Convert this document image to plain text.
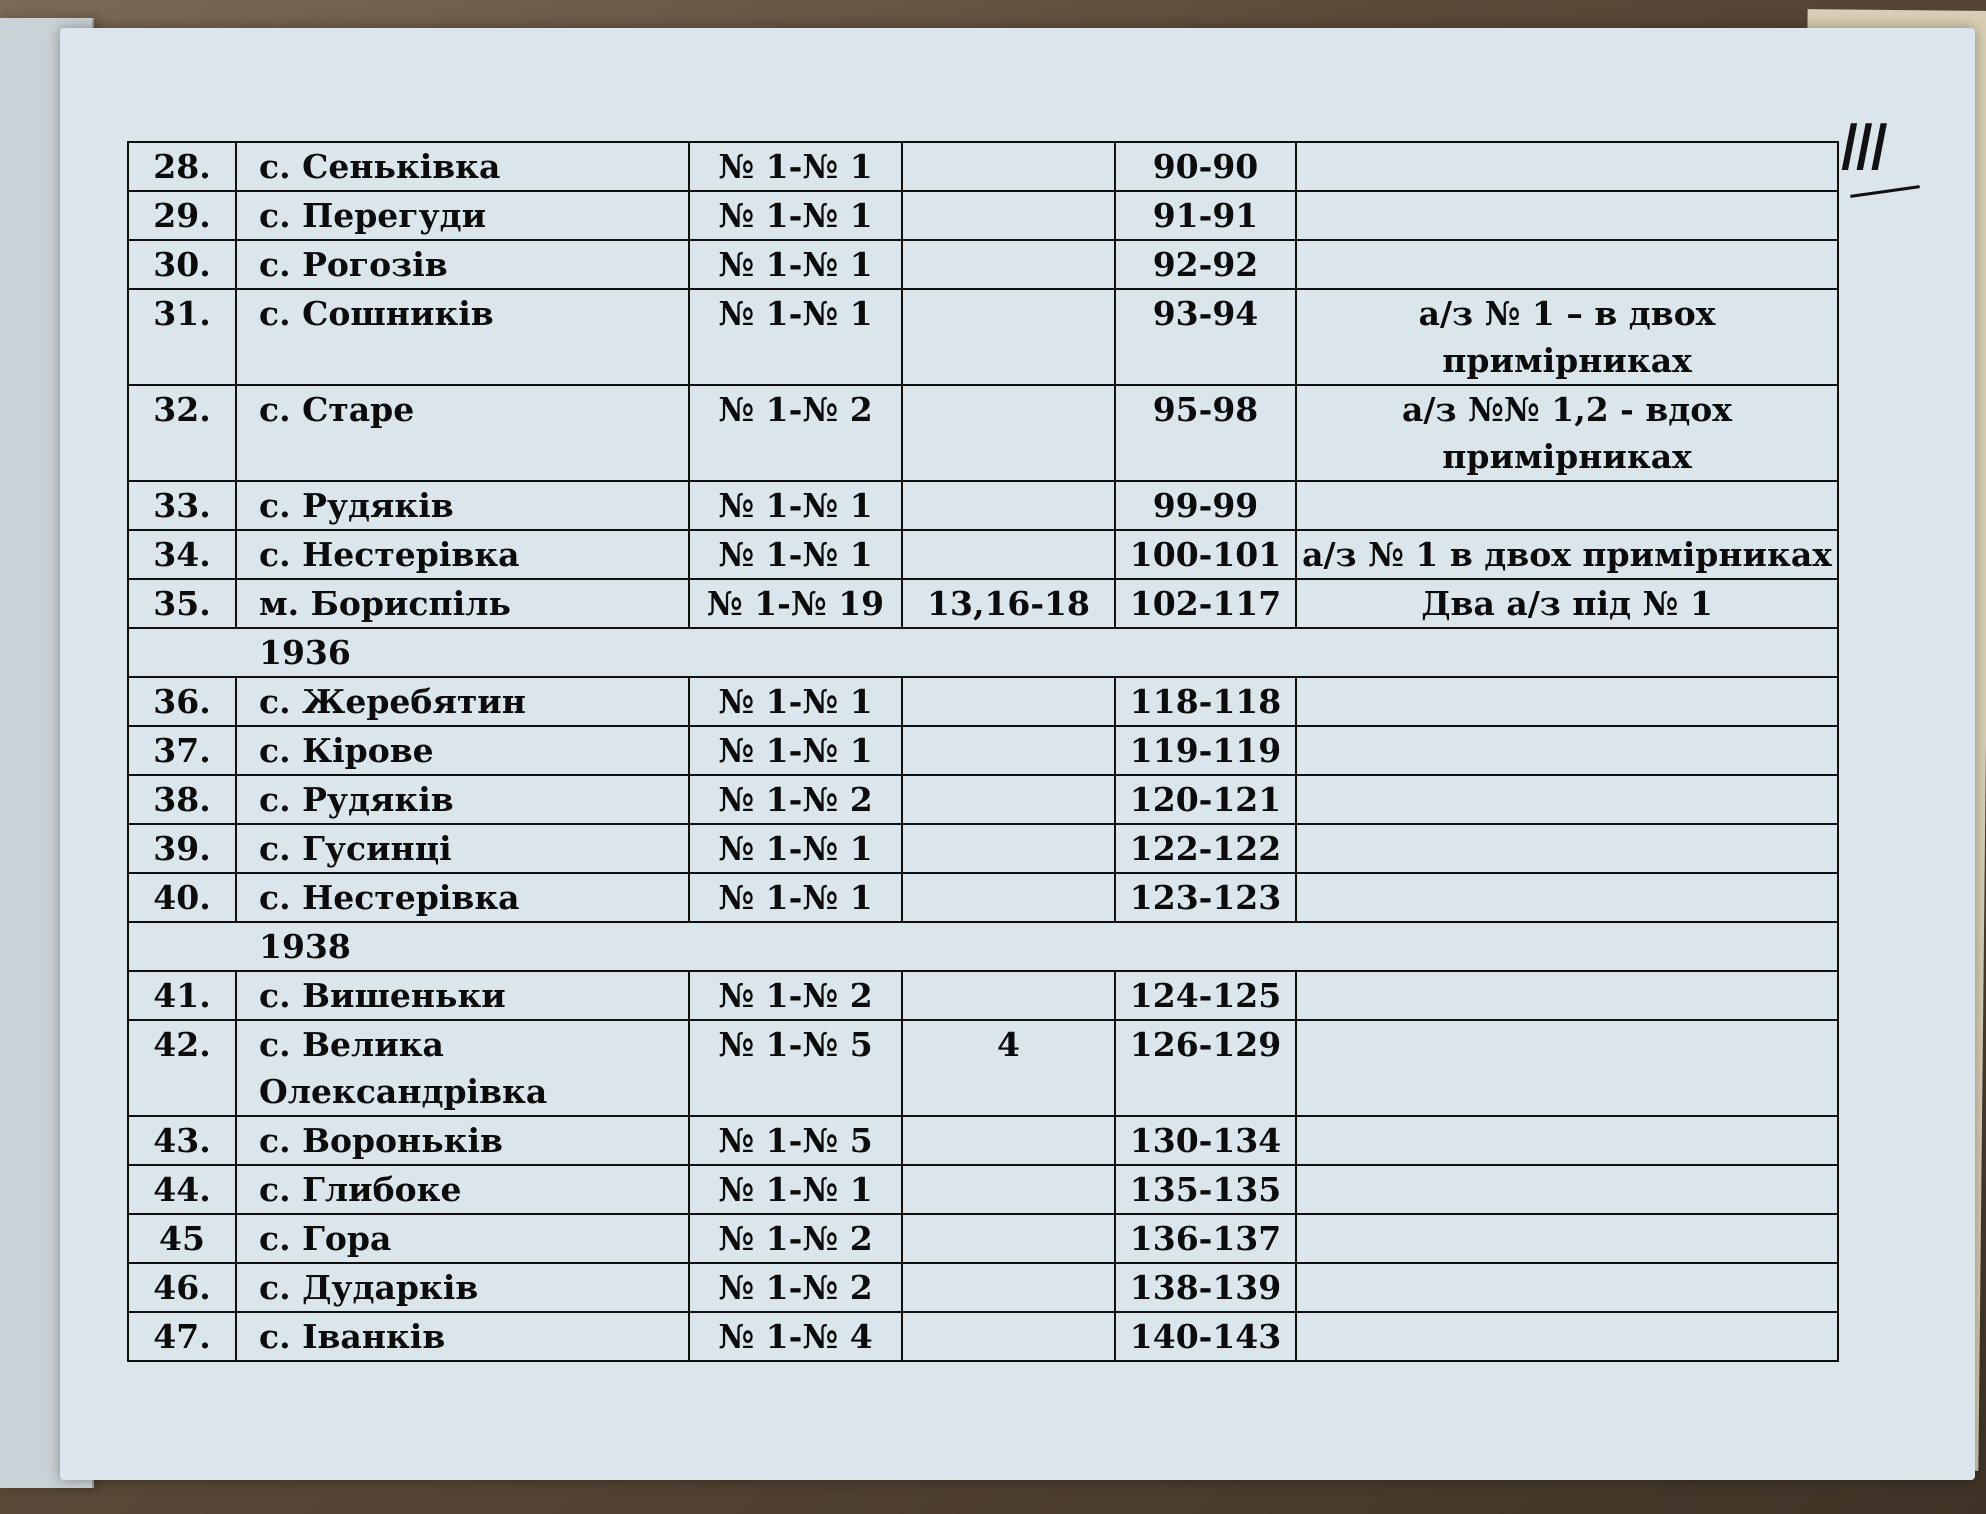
III
28.	с. Сеньківка	№ 1-№ 1		90-90	
29.	с. Перегуди	№ 1-№ 1		91-91	
30.	с. Рогозів	№ 1-№ 1		92-92	
31.	с. Сошників	№ 1-№ 1		93-94	а/з № 1 – в двох примірниках
32.	с. Старе	№ 1-№ 2		95-98	а/з №№ 1,2 - вдох примірниках
33.	с. Рудяків	№ 1-№ 1		99-99	
34.	с. Нестерівка	№ 1-№ 1		100-101	а/з № 1 в двох примірниках
35.	м. Бориспіль	№ 1-№ 19	13,16-18	102-117	Два а/з під № 1
1936					
36.	с. Жеребятин	№ 1-№ 1		118-118	
37.	с. Кірове	№ 1-№ 1		119-119	
38.	с. Рудяків	№ 1-№ 2		120-121	
39.	с. Гусинці	№ 1-№ 1		122-122	
40.	с. Нестерівка	№ 1-№ 1		123-123	
1938					
41.	с. Вишеньки	№ 1-№ 2		124-125	
42.	с. Велика Олександрівка	№ 1-№ 5	4	126-129	
43.	с. Вороньків	№ 1-№ 5		130-134	
44.	с. Глибоке	№ 1-№ 1		135-135	
45	с. Гора	№ 1-№ 2		136-137	
46.	с. Дударків	№ 1-№ 2		138-139	
47.	с. Іванків	№ 1-№ 4		140-143	
